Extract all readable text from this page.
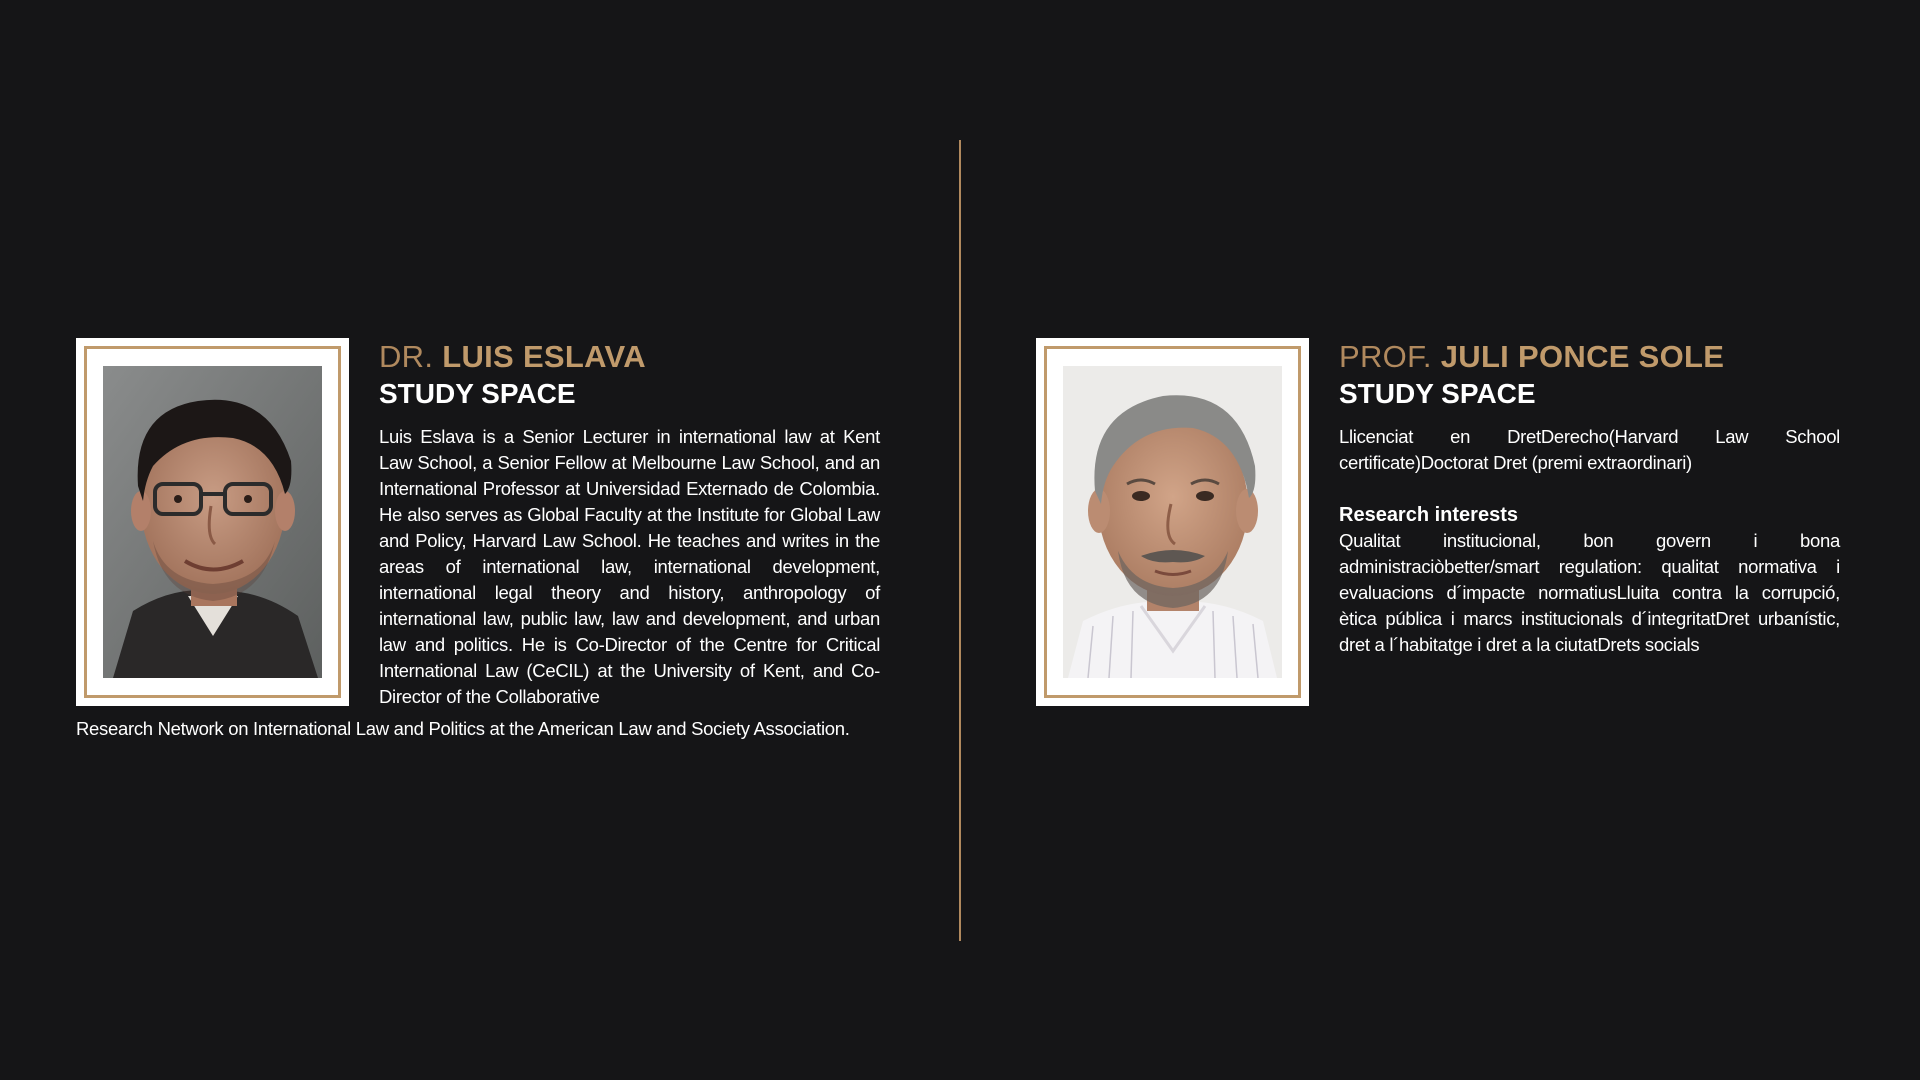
DR. LUIS ESLAVA
STUDY SPACE
Luis Eslava is a Senior Lecturer in international law at Kent Law School, a Senior Fellow at Melbourne Law School, and an International Professor at Universidad Externado de Colombia. He also serves as Global Faculty at the Institute for Global Law and Policy, Harvard Law School. He teaches and writes in the areas of international law, international development, international legal theory and history, anthropology of international law, public law, law and development, and urban law and politics. He is Co-Director of the Centre for Critical International Law (CeCIL) at the University of Kent, and Co-Director of the Collaborative
Research Network on International Law and Politics at the American Law and Society Association.
PROF. JULI PONCE SOLE
STUDY SPACE
Llicenciat en DretDerecho(Harvard Law School certificate)Doctorat Dret (premi extraordinari)
Research interests
Qualitat institucional, bon govern i bona administraciòbetter/smart regulation: qualitat normativa i evaluacions d´impacte normatiusLluita contra la corrupció, ètica pública i marcs institucionals d´integritatDret urbanístic, dret a l´habitatge i dret a la ciutatDrets socials
